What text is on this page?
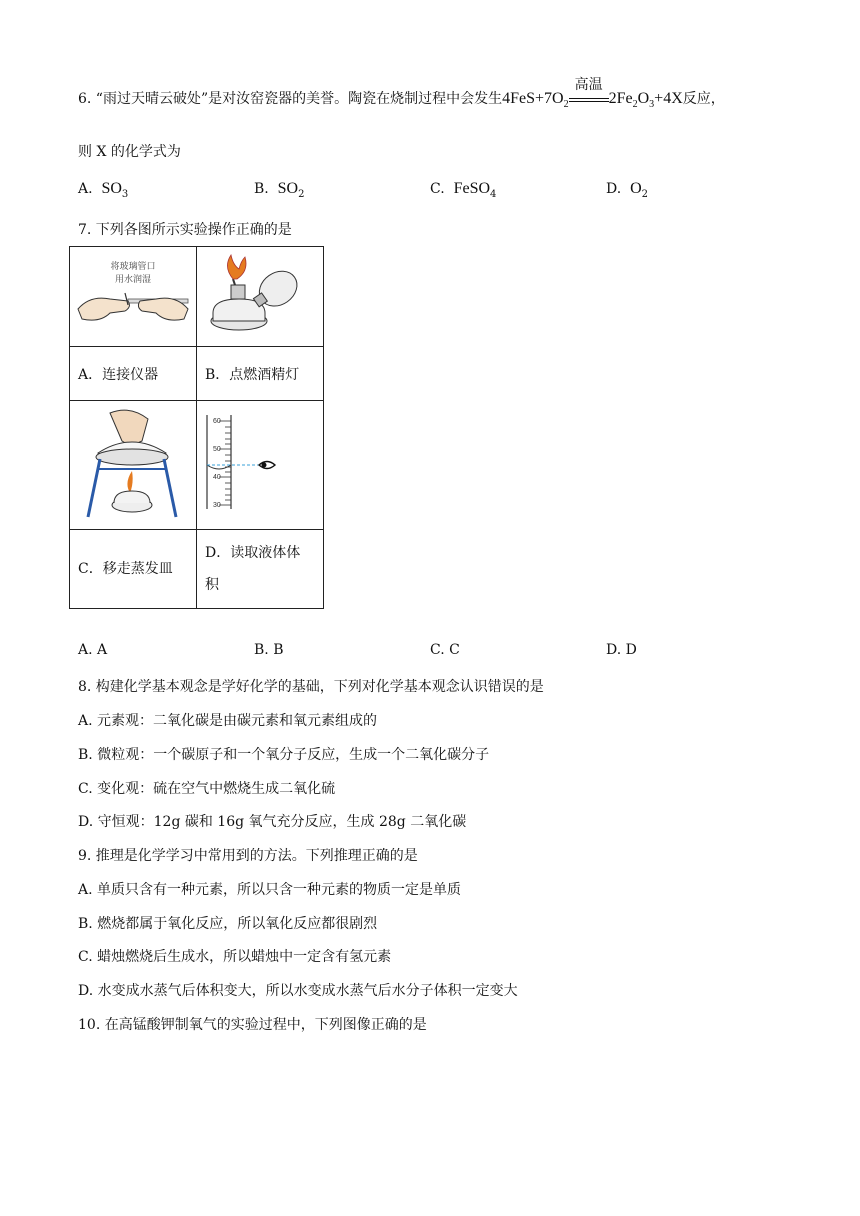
6. “雨过天晴云破处”是对汝窑瓷器的美誉。陶瓷在烧制过程中会发生$4FeS+7O_2$
高温
$2Fe_2O_3+4X$反应，
则 X 的化学式为
A. $SO_3$	B. $SO_2$	C. FeSO$_4$	D. $O_2$
7. 下列各图所示实验操作正确的是
将玻璃管口
用水润湿

A．连接仪器	B．点燃酒精灯

60
50
40
30

C．移走蒸发皿	D．读取液体体
积
A. A	B. B	C. C	D. D
8. 构建化学基本观念是学好化学的基础，下列对化学基本观念认识错误的是
A. 元素观：二氧化碳是由碳元素和氧元素组成的
B. 微粒观：一个碳原子和一个氧分子反应，生成一个二氧化碳分子
C. 变化观：硫在空气中燃烧生成二氧化硫
D. 守恒观：12g 碳和 16g 氧气充分反应，生成 28g 二氧化碳
9. 推理是化学学习中常用到的方法。下列推理正确的是
A. 单质只含有一种元素，所以只含一种元素的物质一定是单质
B. 燃烧都属于氧化反应，所以氧化反应都很剧烈
C. 蜡烛燃烧后生成水，所以蜡烛中一定含有氢元素
D. 水变成水蒸气后体积变大，所以水变成水蒸气后水分子体积一定变大
10. 在高锰酸钾制氧气的实验过程中，下列图像正确的是
